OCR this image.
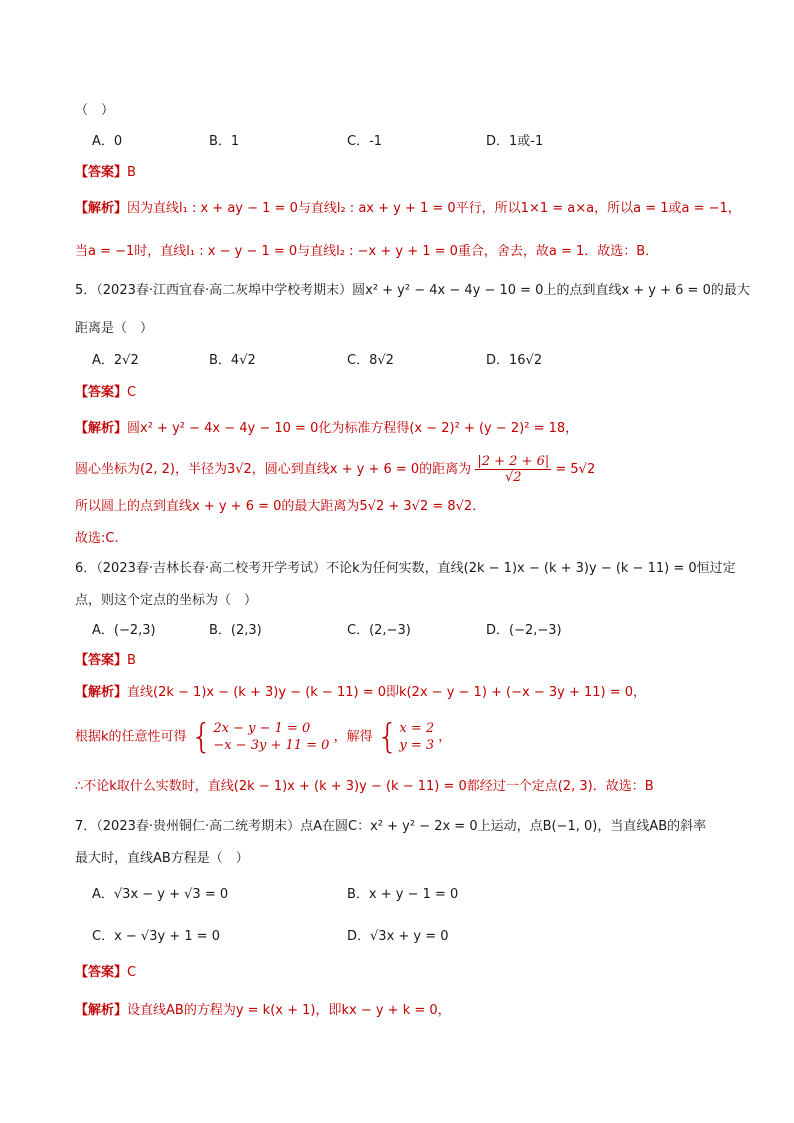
（　）
A．0	B．1	C．-1	D．1或-1
【答案】B
【解析】因为直线l₁ : x + ay − 1 = 0与直线l₂ : ax + y + 1 = 0平行，所以1×1 = a×a，所以a = 1或a = −1，
当a = −1时，直线l₁ : x − y − 1 = 0与直线l₂ : −x + y + 1 = 0重合，舍去，故a = 1．故选：B．
5．（2023春·江西宜春·高二灰埠中学校考期末）圆x² + y² − 4x − 4y − 10 = 0上的点到直线x + y + 6 = 0的最大
距离是（　）
A．2√2	B．4√2	C．8√2	D．16√2
【答案】C
【解析】圆x² + y² − 4x − 4y − 10 = 0化为标准方程得(x − 2)² + (y − 2)² = 18，
圆心坐标为(2, 2)，半径为3√2，圆心到直线x + y + 6 = 0的距离为 $\frac{|2 + 2 + 6|}{√2} = 5√2$
所以圆上的点到直线x + y + 6 = 0的最大距离为5√2 + 3√2 = 8√2．
故选:C.
6．（2023春·吉林长春·高二校考开学考试）不论k为任何实数，直线(2k − 1)x − (k + 3)y − (k − 11) = 0恒过定
点，则这个定点的坐标为（　）
A．(−2,3)	B．(2,3)	C．(2,−3)	D．(−2,−3)
【答案】B
【解析】直线(2k − 1)x − (k + 3)y − (k − 11) = 0即k(2x − y − 1) + (−x − 3y + 11) = 0，
根据k的任意性可得 { 2x − y − 1 = 0
−x − 3y + 11 = 0
，解得 { x = 2
y = 3
，
∴不论k取什么实数时，直线(2k − 1)x + (k + 3)y − (k − 11) = 0都经过一个定点(2, 3)．故选：B
7．（2023春·贵州铜仁·高二统考期末）点A在圆C：x² + y² − 2x = 0上运动，点B(−1, 0)，当直线AB的斜率
最大时，直线AB方程是（　）
A．√3x − y + √3 = 0	B．x + y − 1 = 0
C．x − √3y + 1 = 0	D．√3x + y = 0
【答案】C
【解析】设直线AB的方程为y = k(x + 1)，即kx − y + k = 0，
